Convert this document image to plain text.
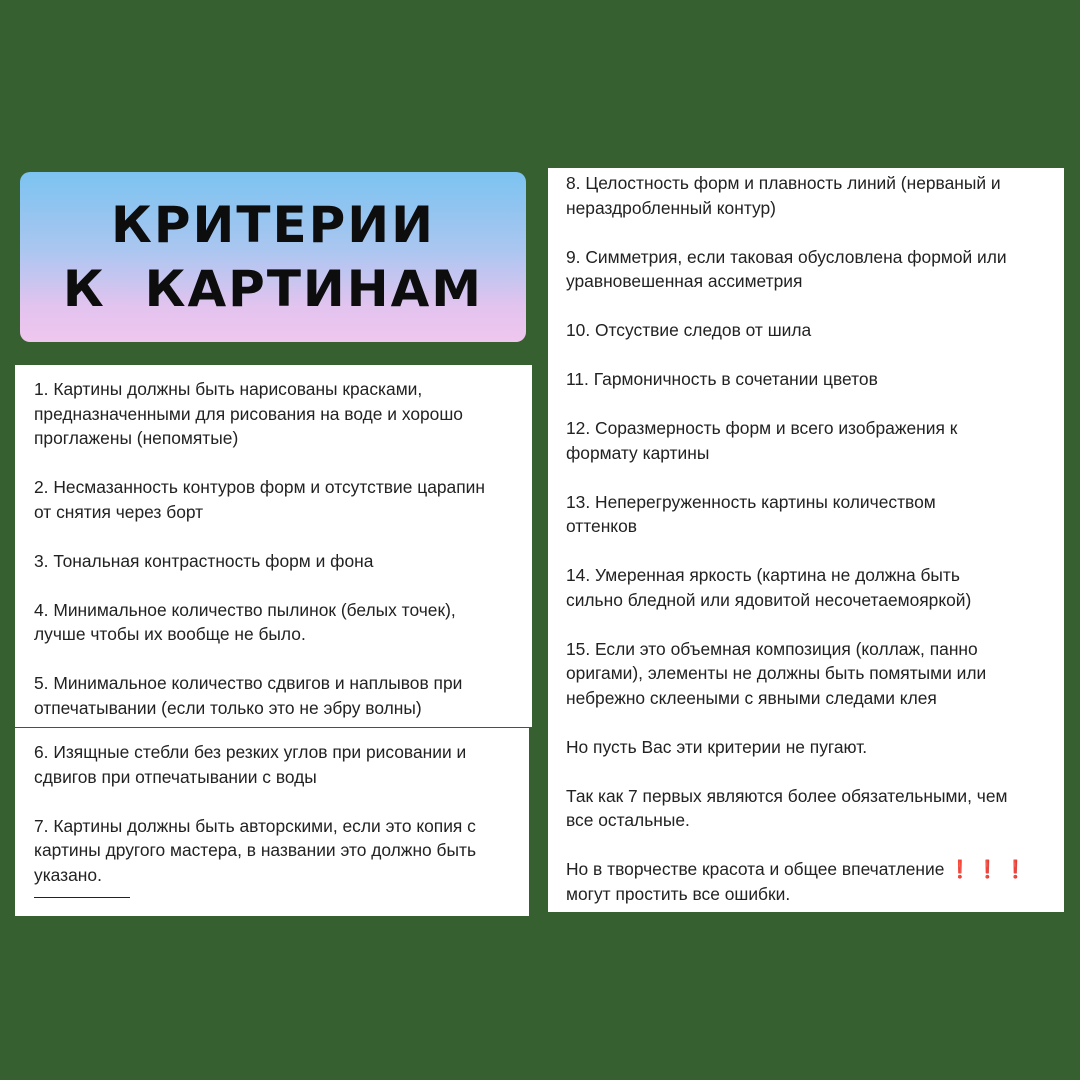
КРИТЕРИИ
К  КАРТИНАМ

1. Картины должны быть нарисованы красками,

предназначенными для рисования на воде и хорошо

проглажены (непомятые)

2. Несмазанность контуров форм и отсутствие царапин

от снятия через борт

3. Тональная контрастность форм и фона

4. Минимальное количество пылинок (белых точек),

лучше чтобы их вообще не было.

5. Минимальное количество сдвигов и наплывов при

отпечатывании (если только это не эбру волны)

6. Изящные стебли без резких углов при рисовании и

сдвигов при отпечатывании с воды

7. Картины должны быть авторскими, если это копия с

картины другого мастера, в названии это должно быть

указано.

8. Целостность форм и плавность линий (нерваный и

нераздробленный контур)

9. Симметрия, если таковая обусловлена формой или

уравновешенная ассиметрия

10. Отсуствие следов от шила

11. Гармоничность в сочетании цветов

12. Соразмерность форм и всего изображения к

формату картины

13. Неперегруженность картины количеством

оттенков

14. Умеренная яркость (картина не должна быть

сильно бледной или ядовитой несочетаемояркой)

15. Если это объемная композиция (коллаж, панно

оригами), элементы не должны быть помятыми или

небрежно склееными с явными следами клея

Но пусть Вас эти критерии не пугают.

Так как 7 первых являются более обязательными, чем

все остальные.

Но в творчестве красота и общее впечатление ❗❗❗

могут простить все ошибки.
